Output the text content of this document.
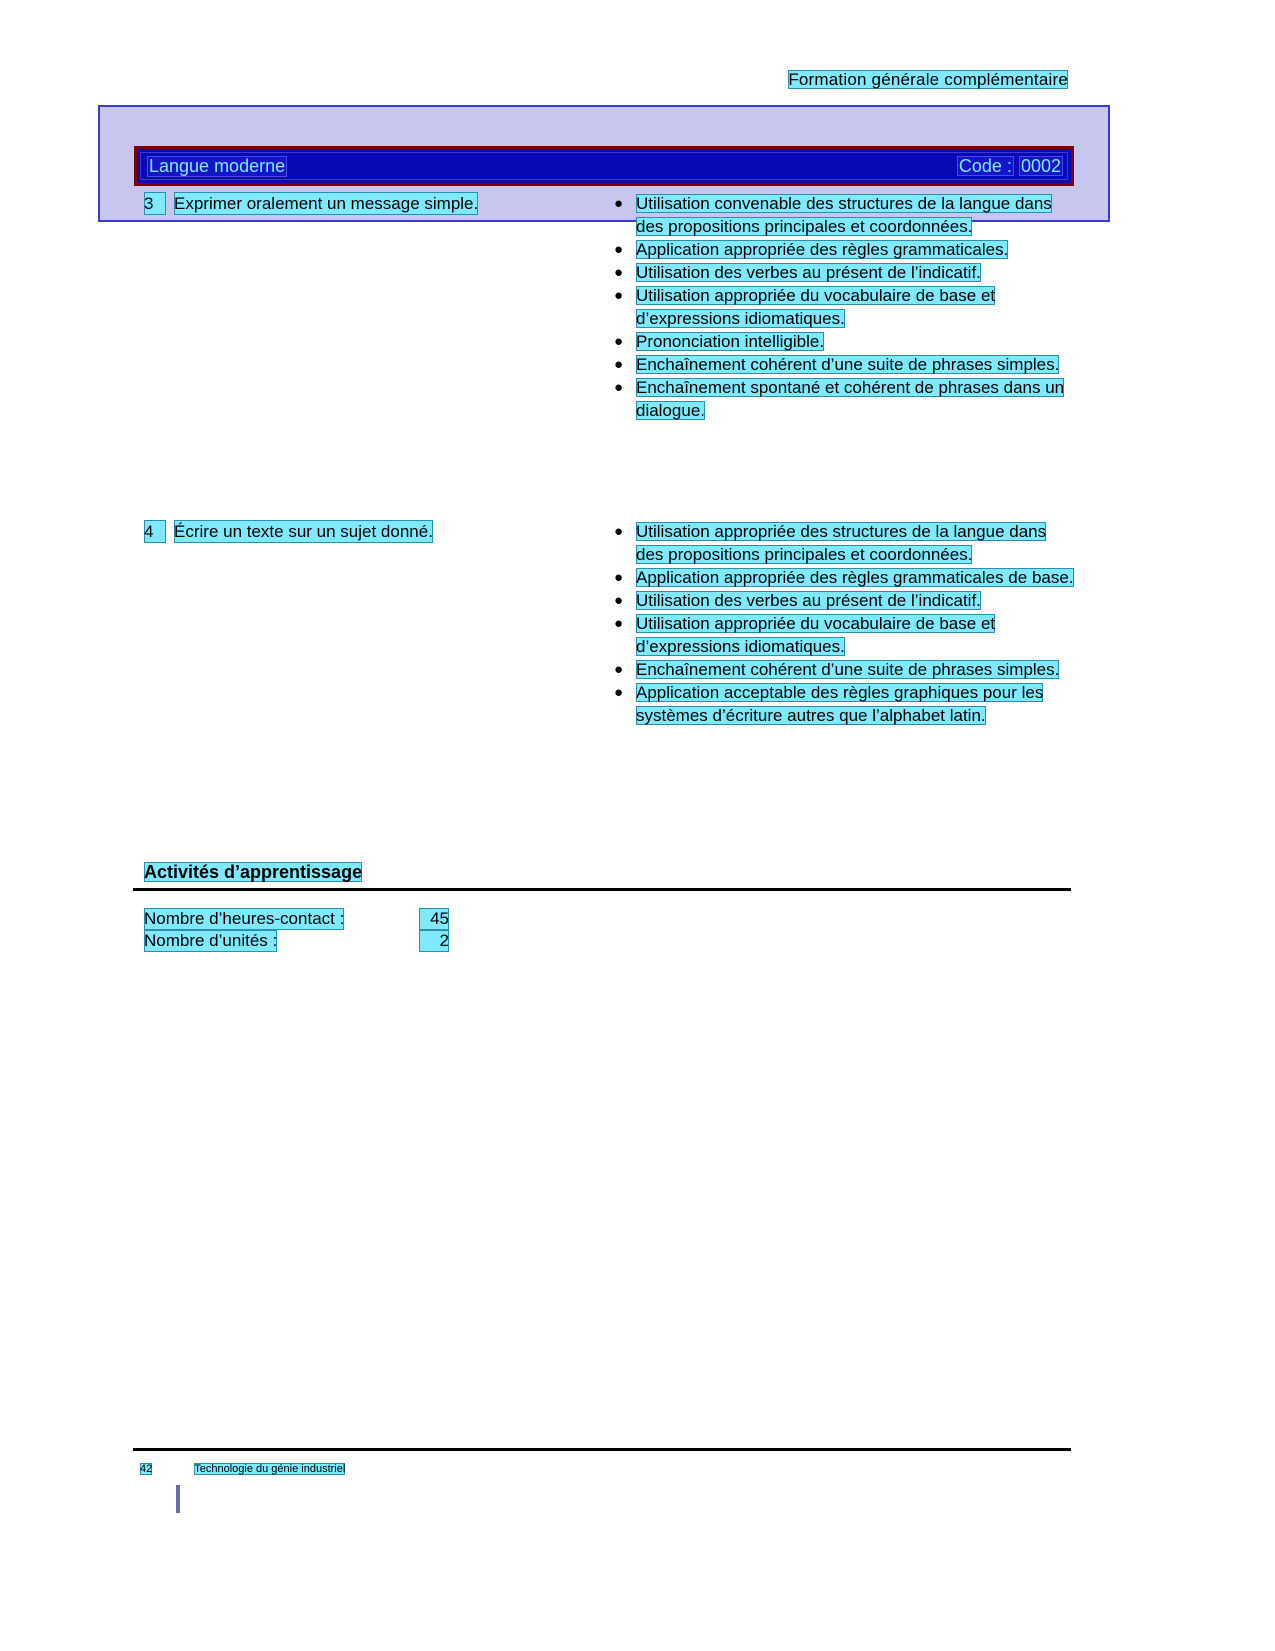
Formation générale complémentaire
Langue moderne	Code : 0002
3	Exprimer oralement un message simple.	● Utilisation convenable des structures de la langue dans des propositions principales et coordonnées.
● Application appropriée des règles grammaticales.
● Utilisation des verbes au présent de l’indicatif.
● Utilisation appropriée du vocabulaire de base et d’expressions idiomatiques.
● Prononciation intelligible.
● Enchaînement cohérent d’une suite de phrases simples.
● Enchaînement spontané et cohérent de phrases dans un dialogue.
4	Écrire un texte sur un sujet donné.	● Utilisation appropriée des structures de la langue dans des propositions principales et coordonnées.
● Application appropriée des règles grammaticales de base.
● Utilisation des verbes au présent de l’indicatif.
● Utilisation appropriée du vocabulaire de base et d’expressions idiomatiques.
● Enchaînement cohérent d’une suite de phrases simples.
● Application acceptable des règles graphiques pour les systèmes d’écriture autres que l’alphabet latin.
Activités d’apprentissage
Nombre d’heures-contact :	45
Nombre d’unités :	2
42	Technologie du génie industriel
